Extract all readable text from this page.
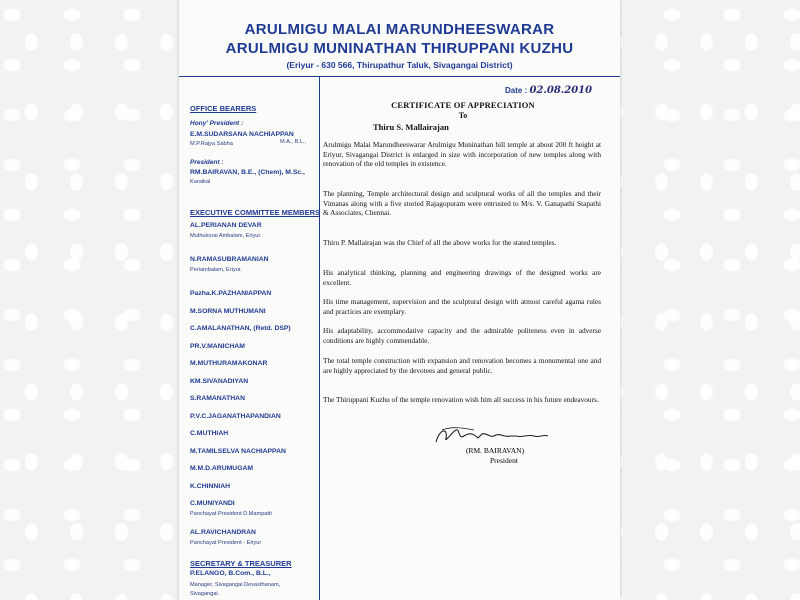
ARULMIGU MALAI MARUNDHEESWARAR
ARULMIGU MUNINATHAN THIRUPPANI KUZHU
(Eriyur - 630 566, Thirupathur Taluk, Sivagangai District)
Date : 02.08.2010
OFFICE BEARERS
Hony' President :
E.M.SUDARSANA NACHIAPPAN
M.P.Rajya Sabha	M.A., B.L.,
President :
RM.BAIRAVAN, B.E., (Chem), M.Sc.,
Karaikal
EXECUTIVE COMMITTEE MEMBERS
AL.PERIANAN DEVAR
Muthukorai Ambalam, Eriyur.
N.RAMASUBRAMANIAN
Periambalam, Eriyur.
Pazha.K.PAZHANIAPPAN
M.SORNA MUTHUMANI
C.AMALANATHAN, (Retd. DSP)
PR.V.MANICHAM
M.MUTHURAMAKONAR
KM.SIVANADIYAN
S.RAMANATHAN
P.V.C.JAGANATHAPANDIAN
C.MUTHIAH
M.TAMILSELVA NACHIAPPAN
M.M.D.ARUMUGAM
K.CHINNIAH
C.MUNIYANDI
Panchayat President D.Mampatti
AL.RAVICHANDRAN
Panchayat President - Eriyur
SECRETARY & TREASURER
P.ELANGO, B.Com., B.L.,
Manager, Sivagangai Devasthanam,
Sivagangai.
CERTIFICATE OF APPRECIATION
To
Thiru S. Mallairajan

Arulmigu Malai Marundheeswarar Arulmigu Muninathan hill temple at about 200 ft height at Eriyur, Sivagangai District is enlarged in size with incorporation of new temples along with renovation of the old temples in existence.

The planning, Temple architectural design and sculptural works of all the temples and their Vimanas along with a five storied Rajagopuram were entrusted to M/s. V. Ganapathi Stapathi & Associates, Chennai.

Thiru P. Mallairajan was the Chief of all the above works for the stated temples.

His analytical thinking, planning and engineering drawings of the designed works are excellent.

His time management, supervision and the sculptural design with atmost careful agama rules and practices are exemplary.

His adaptability, accommodative capacity and the admirable politeness even in adverse conditions are highly commendable.

The total temple construction with expansion and renovation becomes a monumental one and are highly appreciated by the devotees and general public.

The Thiruppani Kuzhu of the temple renovation wish him all success in his future endeavours.

(RM. BAIRAVAN)
President
